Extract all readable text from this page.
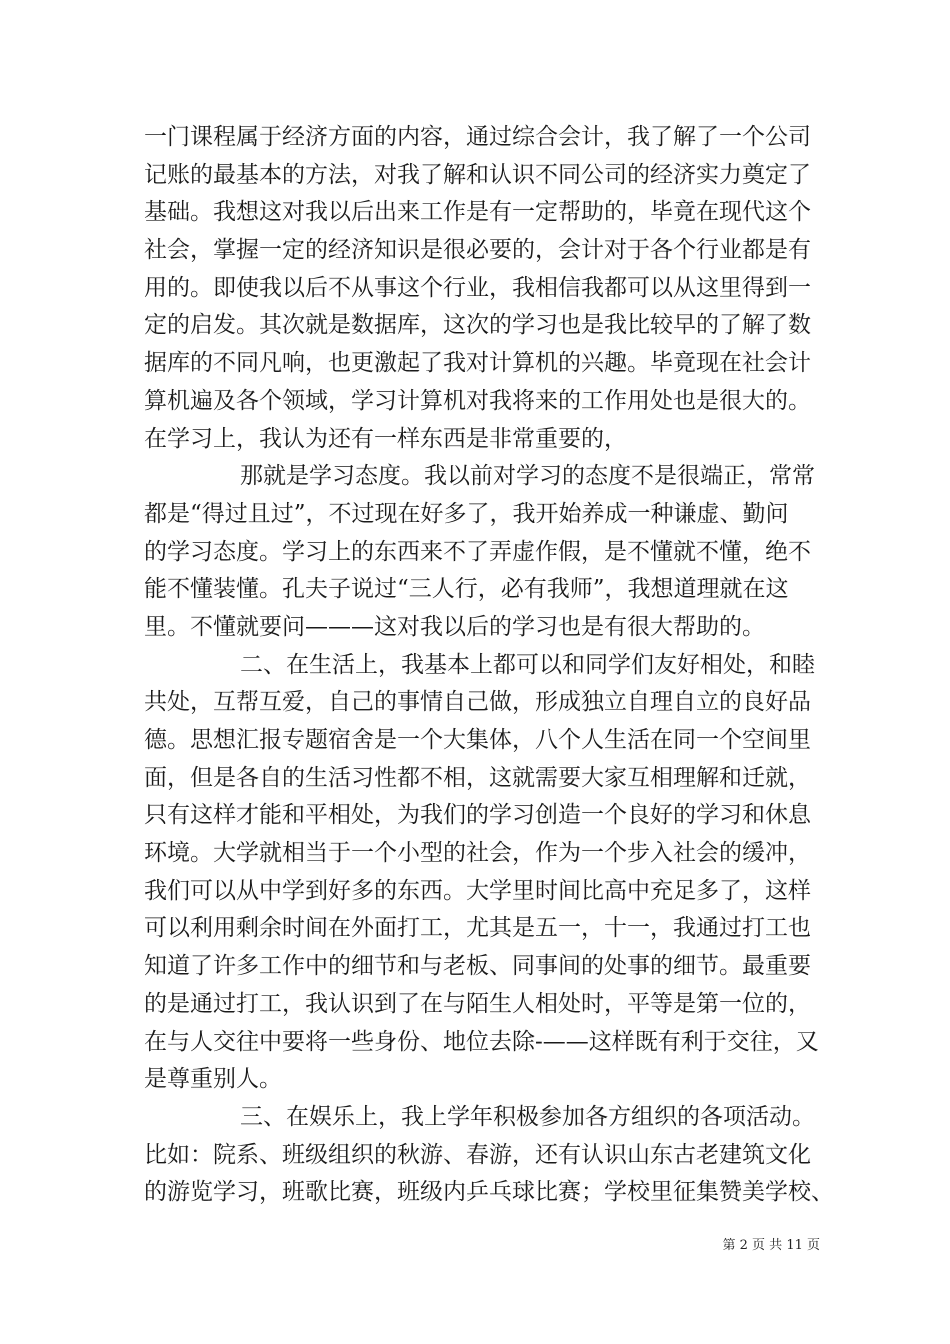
一门课程属于经济方面的内容，通过综合会计，我了解了一个公司
记账的最基本的方法，对我了解和认识不同公司的经济实力奠定了
基础。我想这对我以后出来工作是有一定帮助的，毕竟在现代这个
社会，掌握一定的经济知识是很必要的，会计对于各个行业都是有
用的。即使我以后不从事这个行业，我相信我都可以从这里得到一
定的启发。其次就是数据库，这次的学习也是我比较早的了解了数
据库的不同凡响，也更激起了我对计算机的兴趣。毕竟现在社会计
算机遍及各个领域，学习计算机对我将来的工作用处也是很大的。
在学习上，我认为还有一样东西是非常重要的，
那就是学习态度。我以前对学习的态度不是很端正，常常
都是“得过且过”，不过现在好多了，我开始养成一种谦虚、勤问
的学习态度。学习上的东西来不了弄虚作假，是不懂就不懂，绝不
能不懂装懂。孔夫子说过“三人行，必有我师”，我想道理就在这
里。不懂就要问———这对我以后的学习也是有很大帮助的。
二、在生活上，我基本上都可以和同学们友好相处，和睦
共处，互帮互爱，自己的事情自己做，形成独立自理自立的良好品
德。思想汇报专题宿舍是一个大集体，八个人生活在同一个空间里
面，但是各自的生活习性都不相，这就需要大家互相理解和迁就，
只有这样才能和平相处，为我们的学习创造一个良好的学习和休息
环境。大学就相当于一个小型的社会，作为一个步入社会的缓冲，
我们可以从中学到好多的东西。大学里时间比高中充足多了，这样
可以利用剩余时间在外面打工，尤其是五一，十一，我通过打工也
知道了许多工作中的细节和与老板、同事间的处事的细节。最重要
的是通过打工，我认识到了在与陌生人相处时，平等是第一位的，
在与人交往中要将一些身份、地位去除-——这样既有利于交往，又
是尊重别人。
三、在娱乐上，我上学年积极参加各方组织的各项活动。
比如：院系、班级组织的秋游、春游，还有认识山东古老建筑文化
的游览学习，班歌比赛，班级内乒乓球比赛；学校里征集赞美学校、
第 2 页 共 11 页
